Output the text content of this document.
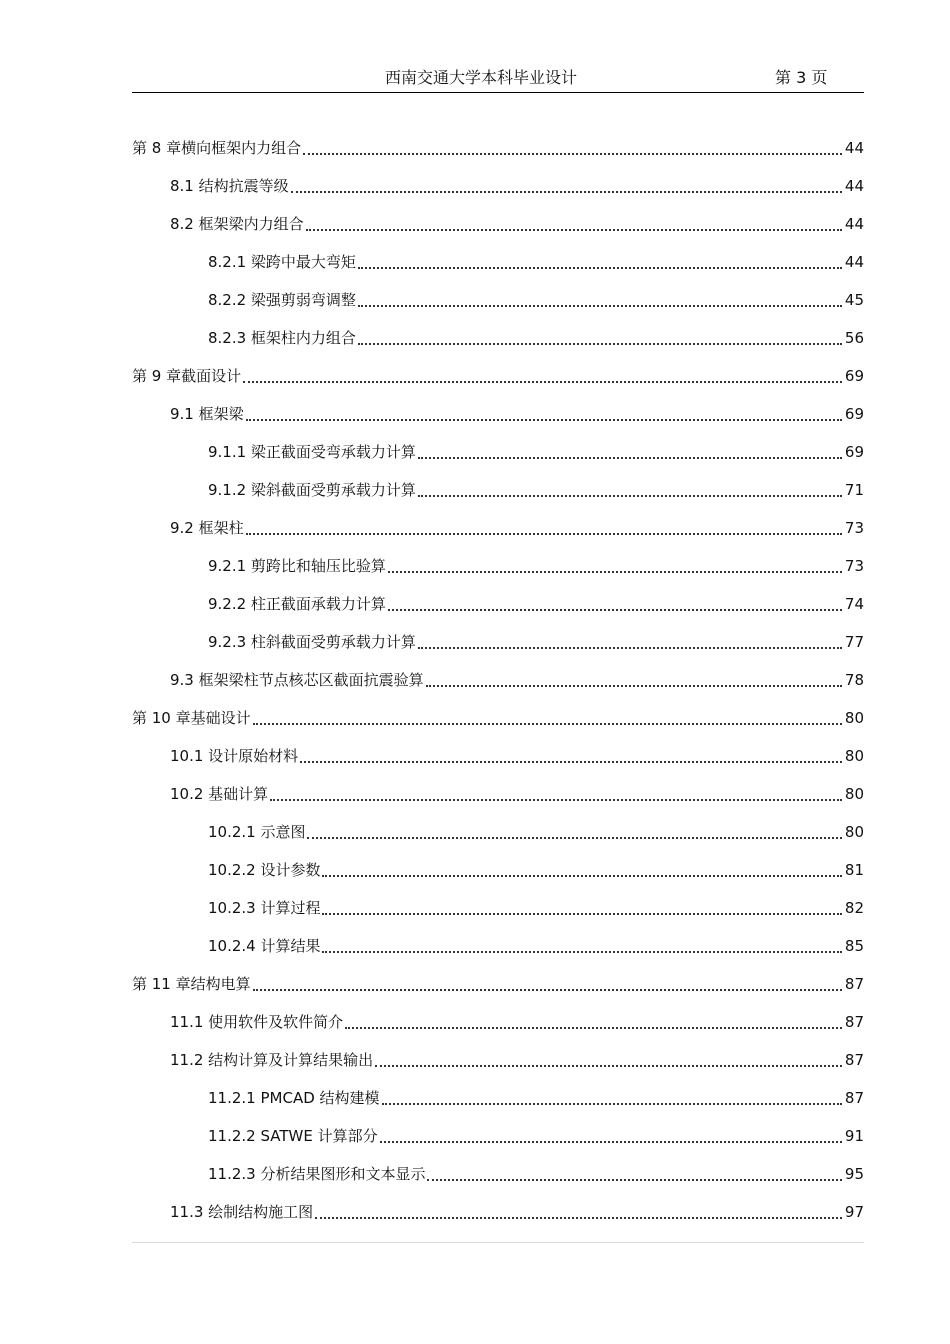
西南交通大学本科毕业设计	第 3 页
第 8 章横向框架内力组合	44
8.1 结构抗震等级	44
8.2 框架梁内力组合	44
8.2.1 梁跨中最大弯矩	44
8.2.2 梁强剪弱弯调整	45
8.2.3 框架柱内力组合	56
第 9 章截面设计	69
9.1 框架梁	69
9.1.1 梁正截面受弯承载力计算	69
9.1.2 梁斜截面受剪承载力计算	71
9.2 框架柱	73
9.2.1 剪跨比和轴压比验算	73
9.2.2 柱正截面承载力计算	74
9.2.3 柱斜截面受剪承载力计算	77
9.3 框架梁柱节点核芯区截面抗震验算	78
第 10 章基础设计	80
10.1 设计原始材料	80
10.2 基础计算	80
10.2.1 示意图	80
10.2.2 设计参数	81
10.2.3 计算过程	82
10.2.4 计算结果	85
第 11 章结构电算	87
11.1 使用软件及软件简介	87
11.2 结构计算及计算结果输出	87
11.2.1 PMCAD 结构建模	87
11.2.2 SATWE 计算部分	91
11.2.3 分析结果图形和文本显示	95
11.3 绘制结构施工图	97
